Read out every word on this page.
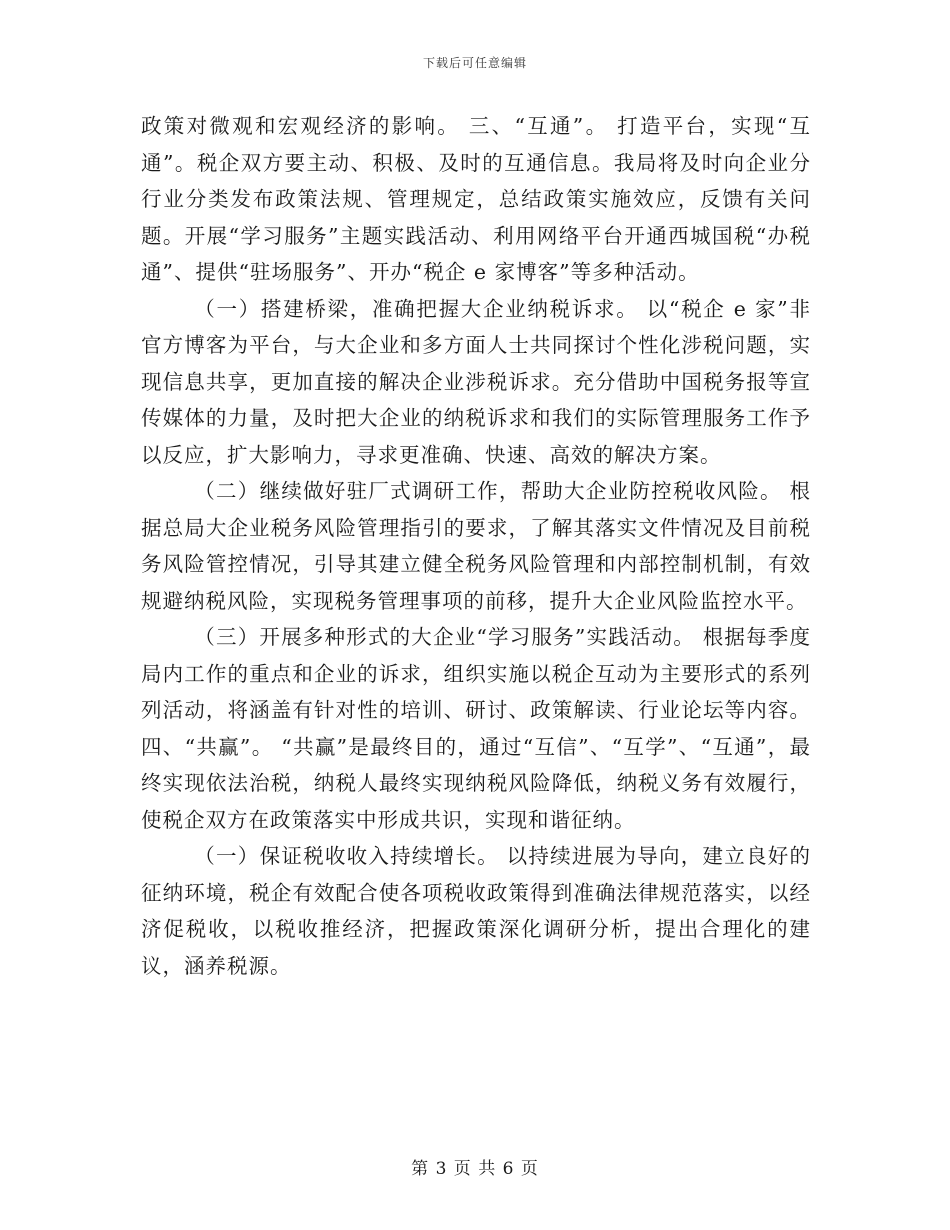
下载后可任意编辑

政策对微观和宏观经济的影响。 三、“互通”。 打造平台，实现“互通”。税企双方要主动、积极、及时的互通信息。我局将及时向企业分行业分类发布政策法规、管理规定，总结政策实施效应，反馈有关问题。开展“学习服务”主题实践活动、利用网络平台开通西城国税“办税通”、提供“驻场服务”、开办“税企 e 家博客”等多种活动。

（一）搭建桥梁，准确把握大企业纳税诉求。 以“税企 e 家”非官方博客为平台，与大企业和多方面人士共同探讨个性化涉税问题，实现信息共享，更加直接的解决企业涉税诉求。充分借助中国税务报等宣传媒体的力量，及时把大企业的纳税诉求和我们的实际管理服务工作予以反应，扩大影响力，寻求更准确、快速、高效的解决方案。

（二）继续做好驻厂式调研工作，帮助大企业防控税收风险。 根据总局大企业税务风险管理指引的要求，了解其落实文件情况及目前税务风险管控情况，引导其建立健全税务风险管理和内部控制机制，有效规避纳税风险，实现税务管理事项的前移，提升大企业风险监控水平。

（三）开展多种形式的大企业“学习服务”实践活动。 根据每季度局内工作的重点和企业的诉求，组织实施以税企互动为主要形式的系列列活动，将涵盖有针对性的培训、研讨、政策解读、行业论坛等内容。 四、“共赢”。 “共赢”是最终目的，通过“互信”、“互学”、“互通”，最终实现依法治税，纳税人最终实现纳税风险降低，纳税义务有效履行，使税企双方在政策落实中形成共识，实现和谐征纳。

（一）保证税收收入持续增长。 以持续进展为导向，建立良好的征纳环境，税企有效配合使各项税收政策得到准确法律规范落实，以经济促税收，以税收推经济，把握政策深化调研分析，提出合理化的建议，涵养税源。

第 3 页 共 6 页
